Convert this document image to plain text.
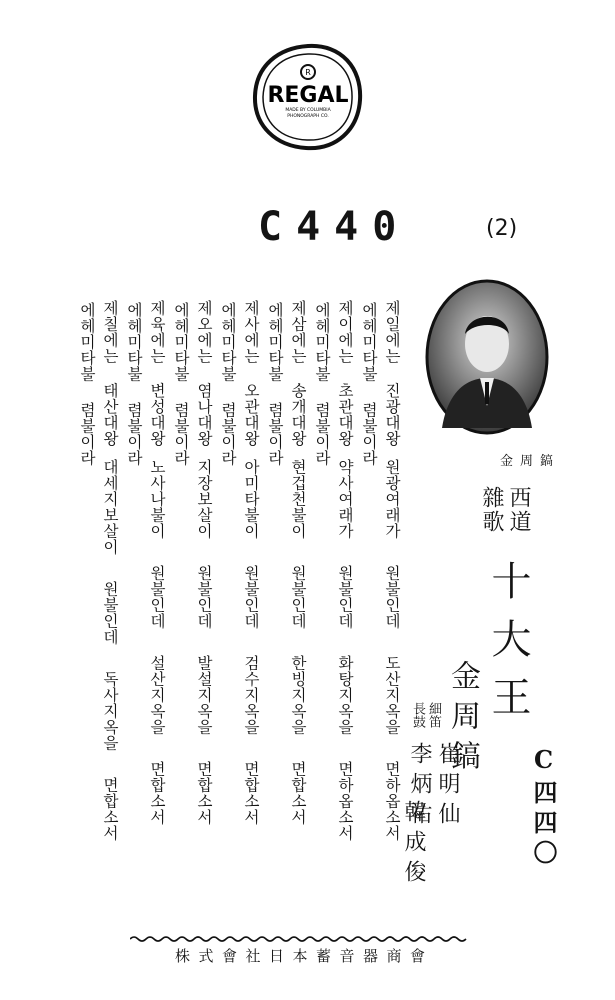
R
REGAL
MADE BY COLUMBIA
PHONOGRAPH CO.
C440	(2)
제일에는 진광대왕원광여래가원불인데도산지옥을면하옵소서
에헤미타불렴불이라
제이에는 초관대왕약사여래가원불인데화탕지옥을면하옵소서
에헤미타불렴불이라
제삼에는 송개대왕현겁천불이원불인데한빙지옥을면합소서
에헤미타불렴불이라
제사에는 오관대왕아미타불이원불인데검수지옥을면합소서
에헤미타불렴불이라
제오에는 염나대왕지장보살이원불인데발설지옥을면합소서
에헤미타불렴불이라
제육에는 변성대왕노사나불이원불인데설산지옥을면합소서
에헤미타불렴불이라
제칠에는 태산대왕대세지보살이원불인데독사지옥을면합소서
에헤미타불렴불이라	金周鎬
西道
雜歌
十大王
C四四〇
金周鎬
細笛
長鼓
崔明仙
李炳祐
韓成俊
株式會社日本蓄音器商會
